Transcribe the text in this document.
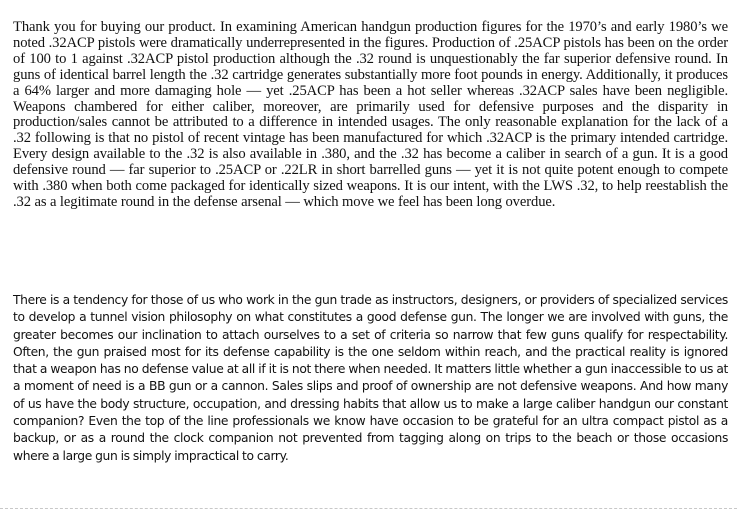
Thank you for buying our product. In examining American handgun production figures for the 1970’s and early 1980’s we noted .32ACP pistols were dramatically underrepresented in the figures. Production of .25ACP pistols has been on the order of 100 to 1 against .32ACP pistol production although the .32 round is unquestionably the far superior defensive round. In guns of identical barrel length the .32 cartridge generates substantially more foot pounds in energy. Additionally, it produces a 64% larger and more damaging hole — yet .25ACP has been a hot seller whereas .32ACP sales have been negligible. Weapons chambered for either caliber, moreover, are primarily used for defensive purposes and the disparity in production/sales cannot be attributed to a difference in intended usages. The only reasonable explanation for the lack of a .32 following is that no pistol of recent vintage has been manufactured for which .32ACP is the primary intended cartridge. Every design available to the .32 is also available in .380, and the .32 has become a caliber in search of a gun. It is a good defensive round — far superior to .25ACP or .22LR in short barrelled guns — yet it is not quite potent enough to compete with .380 when both come packaged for identically sized weapons. It is our intent, with the LWS .32, to help reestablish the .32 as a legitimate round in the defense arsenal — which move we feel has been long overdue.

There is a tendency for those of us who work in the gun trade as instructors, designers, or providers of specialized services to develop a tunnel vision philosophy on what constitutes a good defense gun. The longer we are involved with guns, the greater becomes our inclination to attach ourselves to a set of criteria so narrow that few guns qualify for respectability. Often, the gun praised most for its defense capability is the one seldom within reach, and the practical reality is ignored that a weapon has no defense value at all if it is not there when needed. It matters little whether a gun inaccessible to us at a moment of need is a BB gun or a cannon. Sales slips and proof of ownership are not defensive weapons. And how many of us have the body structure, occupation, and dressing habits that allow us to make a large caliber handgun our constant companion? Even the top of the line professionals we know have occasion to be grateful for an ultra compact pistol as a backup, or as a round the clock companion not prevented from tagging along on trips to the beach or those occasions where a large gun is simply impractical to carry.
